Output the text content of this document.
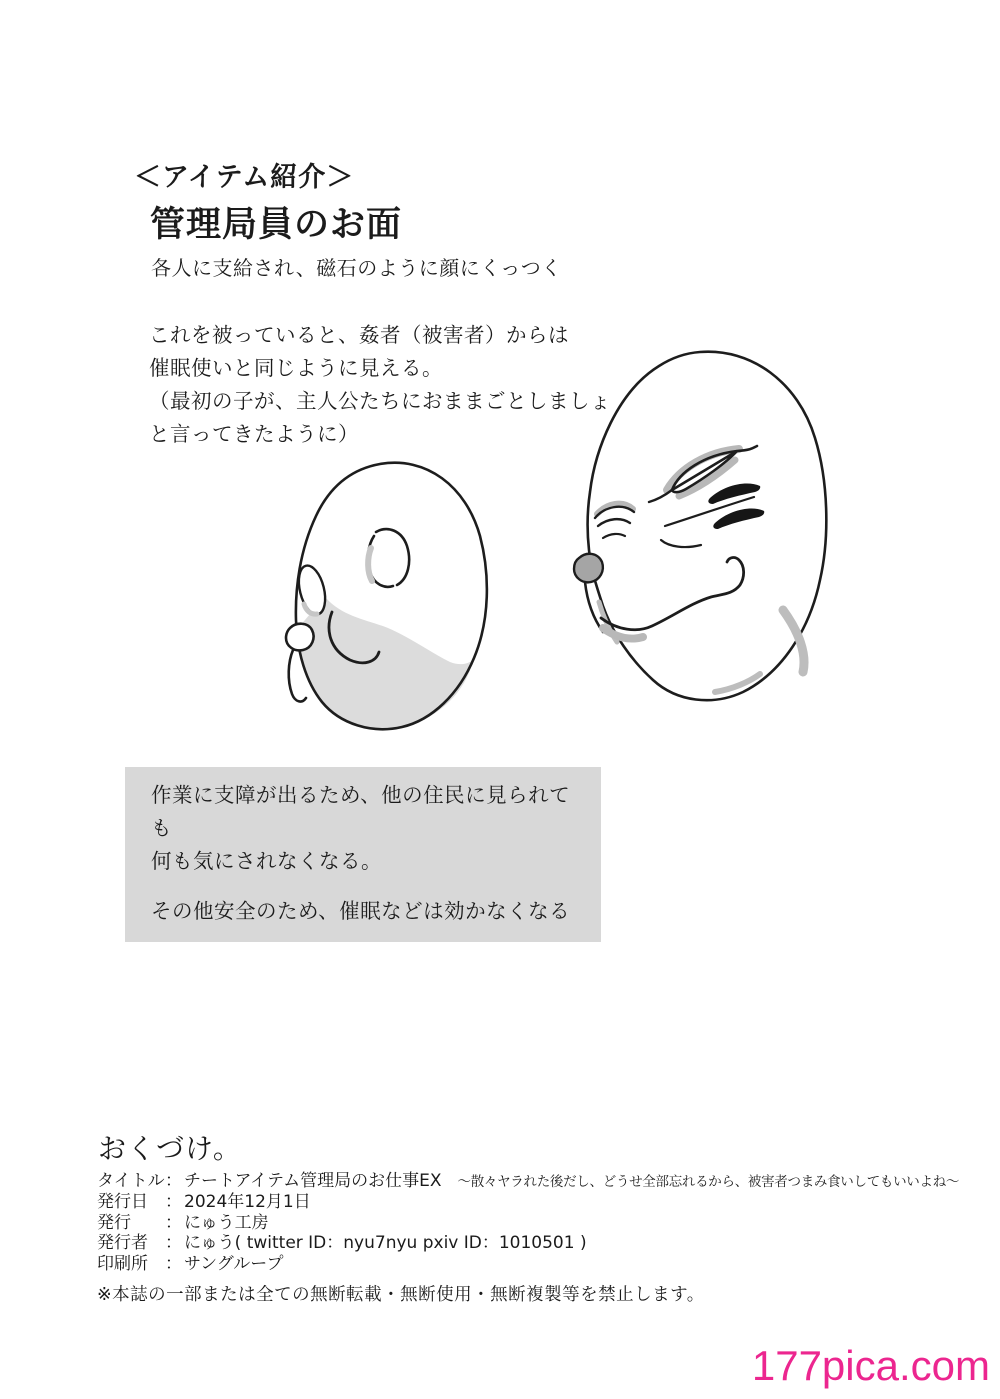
＜アイテム紹介＞
管理局員のお面
各人に支給され、磁石のように顔にくっつく
これを被っていると、姦者（被害者）からは
催眠使いと同じように見える。
（最初の子が、主人公たちにおままごとしましょ
と言ってきたように）
作業に支障が出るため、他の住民に見られても
何も気にされなくなる。
その他安全のため、催眠などは効かなくなる
おくづけ。
タイトル ： チートアイテム管理局のお仕事EX ～散々ヤラれた後だし、どうせ全部忘れるから、被害者つまみ食いしてもいいよね～
発行日	： 2024年12月1日
発行	： にゅう工房
発行者	： にゅう( twitter ID：nyu7nyu pxiv ID：1010501 )
印刷所	： サングループ
※本誌の一部または全ての無断転載・無断使用・無断複製等を禁止します。
177pica.com
